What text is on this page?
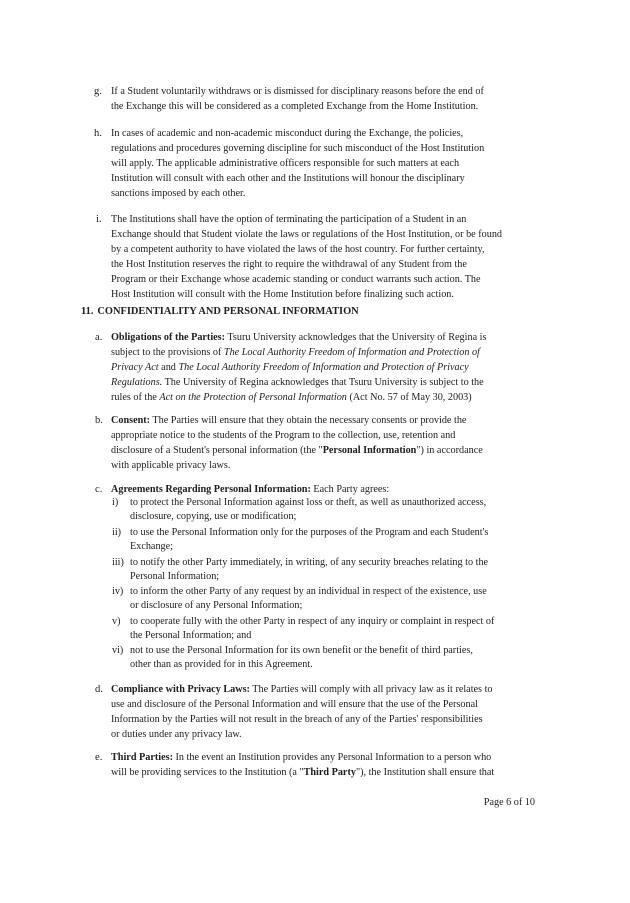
g. If a Student voluntarily withdraws or is dismissed for disciplinary reasons before the end of
the Exchange this will be considered as a completed Exchange from the Home Institution.
h. In cases of academic and non-academic misconduct during the Exchange, the policies,
regulations and procedures governing discipline for such misconduct of the Host Institution
will apply. The applicable administrative officers responsible for such matters at each
Institution will consult with each other and the Institutions will honour the disciplinary
sanctions imposed by each other.
i. The Institutions shall have the option of terminating the participation of a Student in an
Exchange should that Student violate the laws or regulations of the Host Institution, or be found
by a competent authority to have violated the laws of the host country. For further certainty,
the Host Institution reserves the right to require the withdrawal of any Student from the
Program or their Exchange whose academic standing or conduct warrants such action. The
Host Institution will consult with the Home Institution before finalizing such action.
11. CONFIDENTIALITY AND PERSONAL INFORMATION
a. Obligations of the Parties: Tsuru University acknowledges that the University of Regina is
subject to the provisions of The Local Authority Freedom of Information and Protection of
Privacy Act and The Local Authority Freedom of Information and Protection of Privacy
Regulations. The University of Regina acknowledges that Tsuru University is subject to the
rules of the Act on the Protection of Personal Information (Act No. 57 of May 30, 2003)
b. Consent: The Parties will ensure that they obtain the necessary consents or provide the
appropriate notice to the students of the Program to the collection, use, retention and
disclosure of a Student's personal information (the "Personal Information") in accordance
with applicable privacy laws.
c. Agreements Regarding Personal Information: Each Party agrees:
i) to protect the Personal Information against loss or theft, as well as unauthorized access,
disclosure, copying, use or modification;
ii) to use the Personal Information only for the purposes of the Program and each Student's
Exchange;
iii) to notify the other Party immediately, in writing, of any security breaches relating to the
Personal Information;
iv) to inform the other Party of any request by an individual in respect of the existence, use
or disclosure of any Personal Information;
v) to cooperate fully with the other Party in respect of any inquiry or complaint in respect of
the Personal Information; and
vi) not to use the Personal Information for its own benefit or the benefit of third parties,
other than as provided for in this Agreement.
d. Compliance with Privacy Laws: The Parties will comply with all privacy law as it relates to
use and disclosure of the Personal Information and will ensure that the use of the Personal
Information by the Parties will not result in the breach of any of the Parties' responsibilities
or duties under any privacy law.
e. Third Parties: In the event an Institution provides any Personal Information to a person who
will be providing services to the Institution (a "Third Party"), the Institution shall ensure that
Page 6 of 10
